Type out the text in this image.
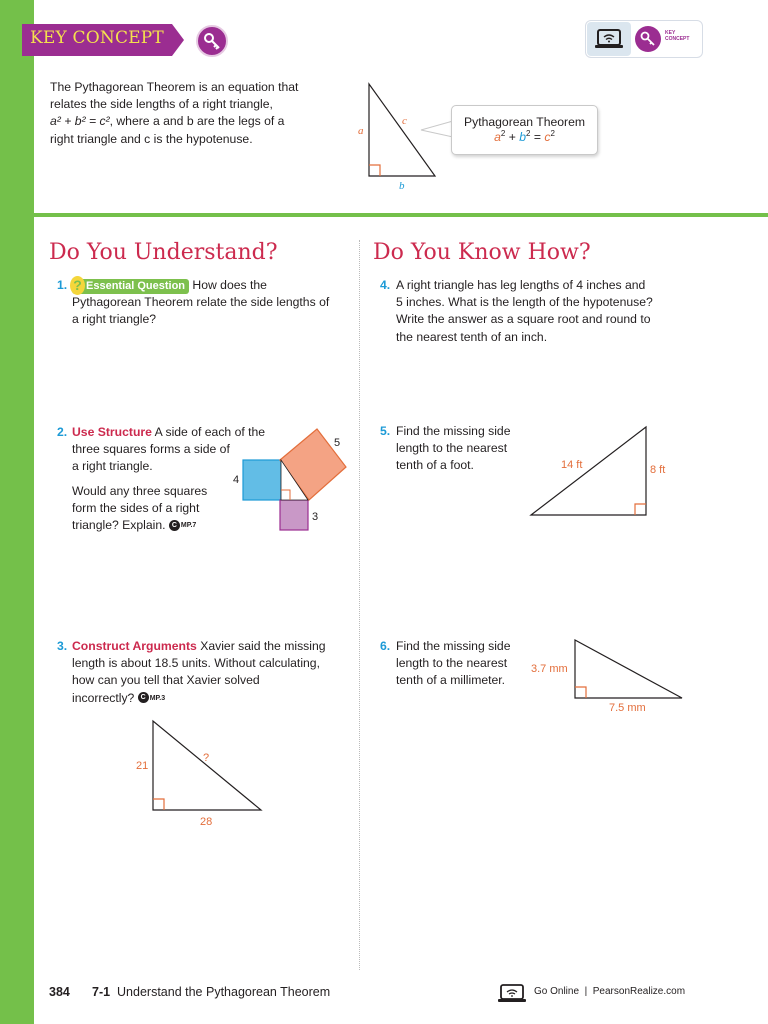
KEY CONCEPT	KEY CONCEPT
The Pythagorean Theorem is an equation that
relates the side lengths of a right triangle,
a² + b² = c², where a and b are the legs of a
right triangle and c is the hypotenuse.
a
c
b
Pythagorean Theorem
$a^2 + b^2 = c^2$
Do You Understand?	Do You Know How?
1. ? Essential Question How does the
Pythagorean Theorem relate the side lengths of
a right triangle?
2. Use Structure A side of each of the
three squares forms a side of
a right triangle.
Would any three squares
form the sides of a right
triangle? Explain. C MP.7
5
4
3
3. Construct Arguments Xavier said the missing
length is about 18.5 units. Without calculating,
how can you tell that Xavier solved
incorrectly? C MP.3
21
?
28
4. A right triangle has leg lengths of 4 inches and
5 inches. What is the length of the hypotenuse?
Write the answer as a square root and round to
the nearest tenth of an inch.
5. Find the missing side
length to the nearest
tenth of a foot.	14 ft	8 ft
6. Find the missing side
length to the nearest
tenth of a millimeter.
3.7 mm
7.5 mm
384 7-1 Understand the Pythagorean Theorem	Go Online | PearsonRealize.com
